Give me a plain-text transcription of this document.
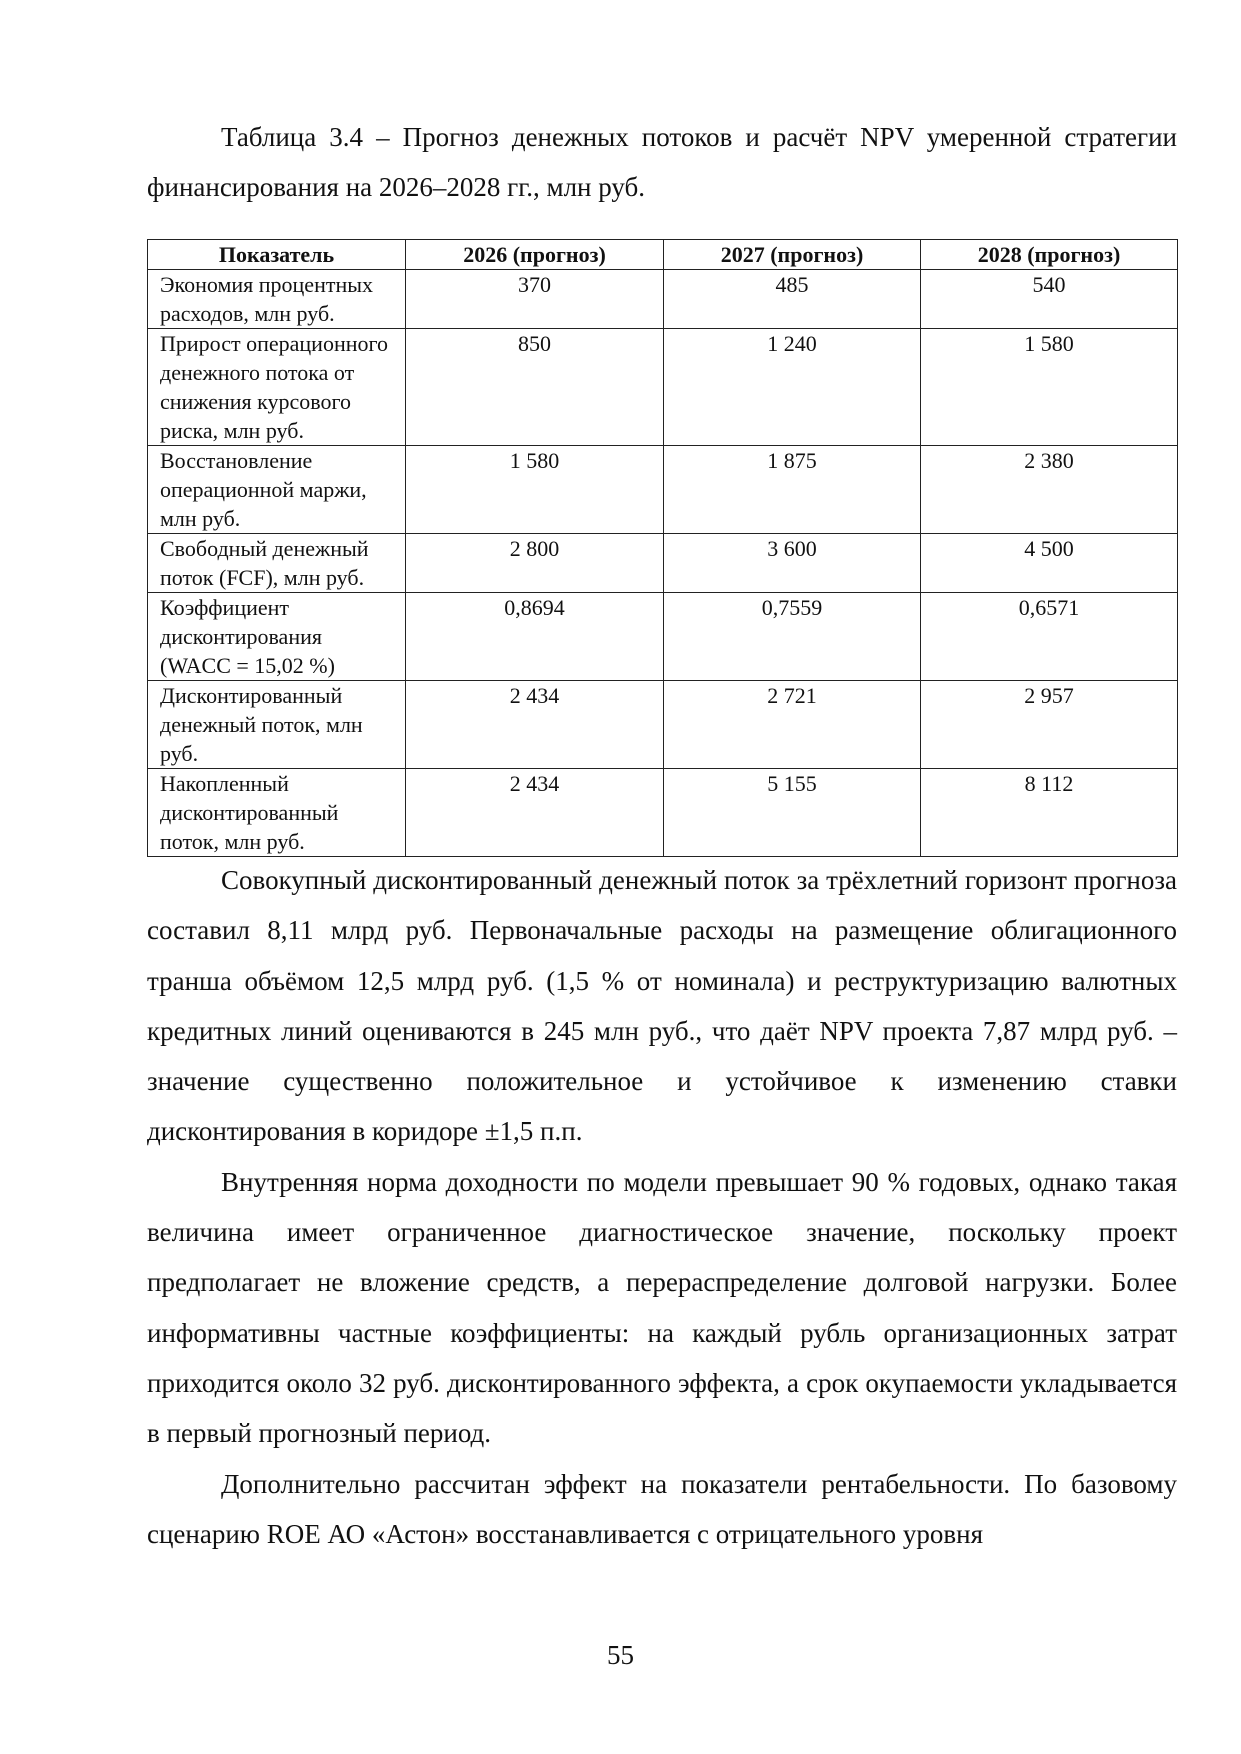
Таблица 3.4 – Прогноз денежных потоков и расчёт NPV умеренной стратегии финансирования на 2026–2028 гг., млн руб.

Показатель	2026 (прогноз)	2027 (прогноз)	2028 (прогноз)
Экономия процентных расходов, млн руб.	370	485	540
Прирост операционного денежного потока от снижения курсового риска, млн руб.	850	1 240	1 580
Восстановление операционной маржи, млн руб.	1 580	1 875	2 380
Свободный денежный поток (FCF), млн руб.	2 800	3 600	4 500
Коэффициент дисконтирования (WACC = 15,02 %)	0,8694	0,7559	0,6571
Дисконтированный денежный поток, млн руб.	2 434	2 721	2 957
Накопленный дисконтированный поток, млн руб.	2 434	5 155	8 112

Совокупный дисконтированный денежный поток за трёхлетний горизонт прогноза составил 8,11 млрд руб. Первоначальные расходы на размещение облигационного транша объёмом 12,5 млрд руб. (1,5 % от номинала) и реструктуризацию валютных кредитных линий оцениваются в 245 млн руб., что даёт NPV проекта 7,87 млрд руб. – значение существенно положительное и устойчивое к изменению ставки дисконтирования в коридоре ±1,5 п.п.

Внутренняя норма доходности по модели превышает 90 % годовых, однако такая величина имеет ограниченное диагностическое значение, поскольку проект предполагает не вложение средств, а перераспределение долговой нагрузки. Более информативны частные коэффициенты: на каждый рубль организационных затрат приходится около 32 руб. дисконтированного эффекта, а срок окупаемости укладывается в первый прогнозный период.

Дополнительно рассчитан эффект на показатели рентабельности. По базовому сценарию ROE АО «Астон» восстанавливается с отрицательного уровня

55
